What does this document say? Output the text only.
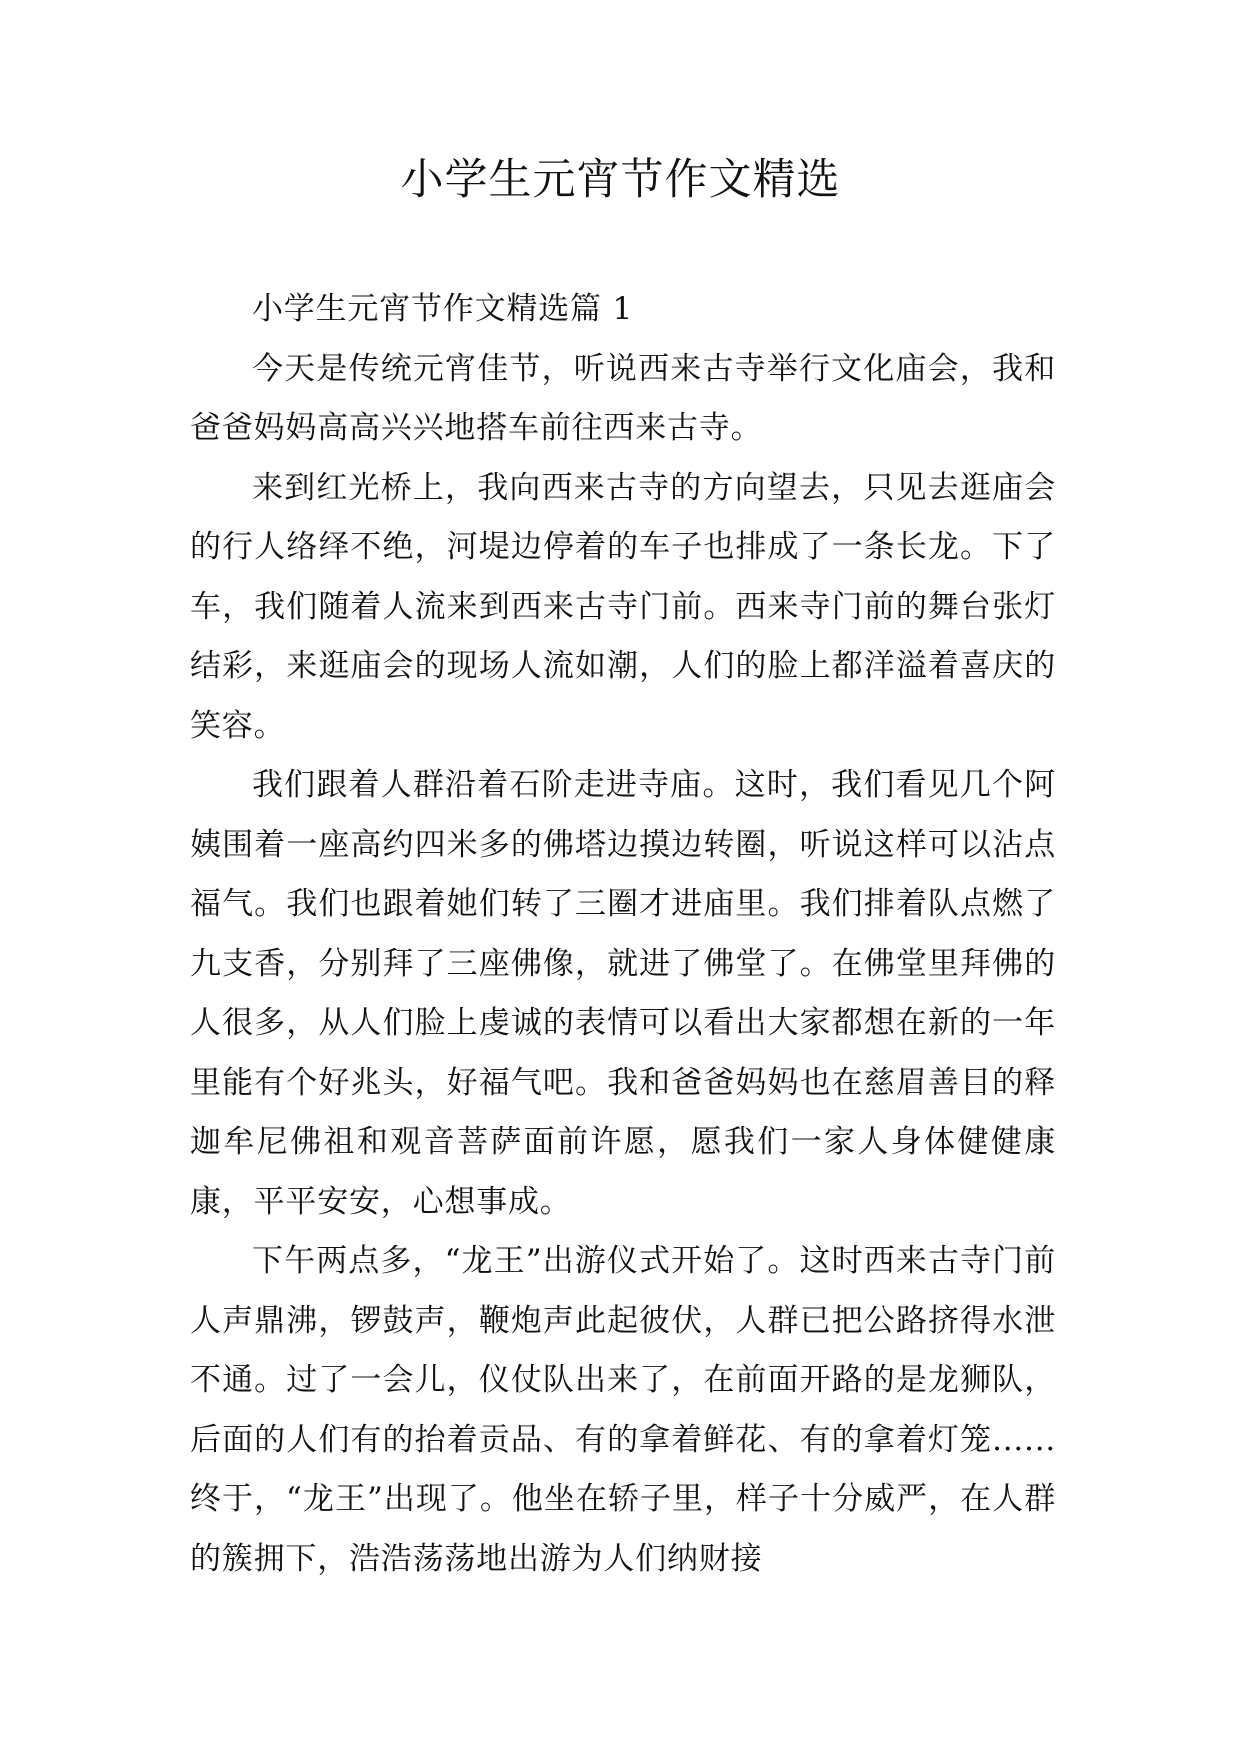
小学生元宵节作文精选

小学生元宵节作文精选篇 1

今天是传统元宵佳节，听说西来古寺举行文化庙会，我和爸爸妈妈高高兴兴地搭车前往西来古寺。

来到红光桥上，我向西来古寺的方向望去，只见去逛庙会的行人络绎不绝，河堤边停着的车子也排成了一条长龙。下了车，我们随着人流来到西来古寺门前。西来寺门前的舞台张灯结彩，来逛庙会的现场人流如潮，人们的脸上都洋溢着喜庆的笑容。

我们跟着人群沿着石阶走进寺庙。这时，我们看见几个阿姨围着一座高约四米多的佛塔边摸边转圈，听说这样可以沾点福气。我们也跟着她们转了三圈才进庙里。我们排着队点燃了九支香，分别拜了三座佛像，就进了佛堂了。在佛堂里拜佛的人很多，从人们脸上虔诚的表情可以看出大家都想在新的一年里能有个好兆头，好福气吧。我和爸爸妈妈也在慈眉善目的释迦牟尼佛祖和观音菩萨面前许愿，愿我们一家人身体健健康康，平平安安，心想事成。

下午两点多，“龙王”出游仪式开始了。这时西来古寺门前人声鼎沸，锣鼓声，鞭炮声此起彼伏，人群已把公路挤得水泄不通。过了一会儿，仪仗队出来了，在前面开路的是龙狮队，后面的人们有的抬着贡品、有的拿着鲜花、有的拿着灯笼......终于，“龙王”出现了。他坐在轿子里，样子十分威严，在人群的簇拥下，浩浩荡荡地出游为人们纳财接
